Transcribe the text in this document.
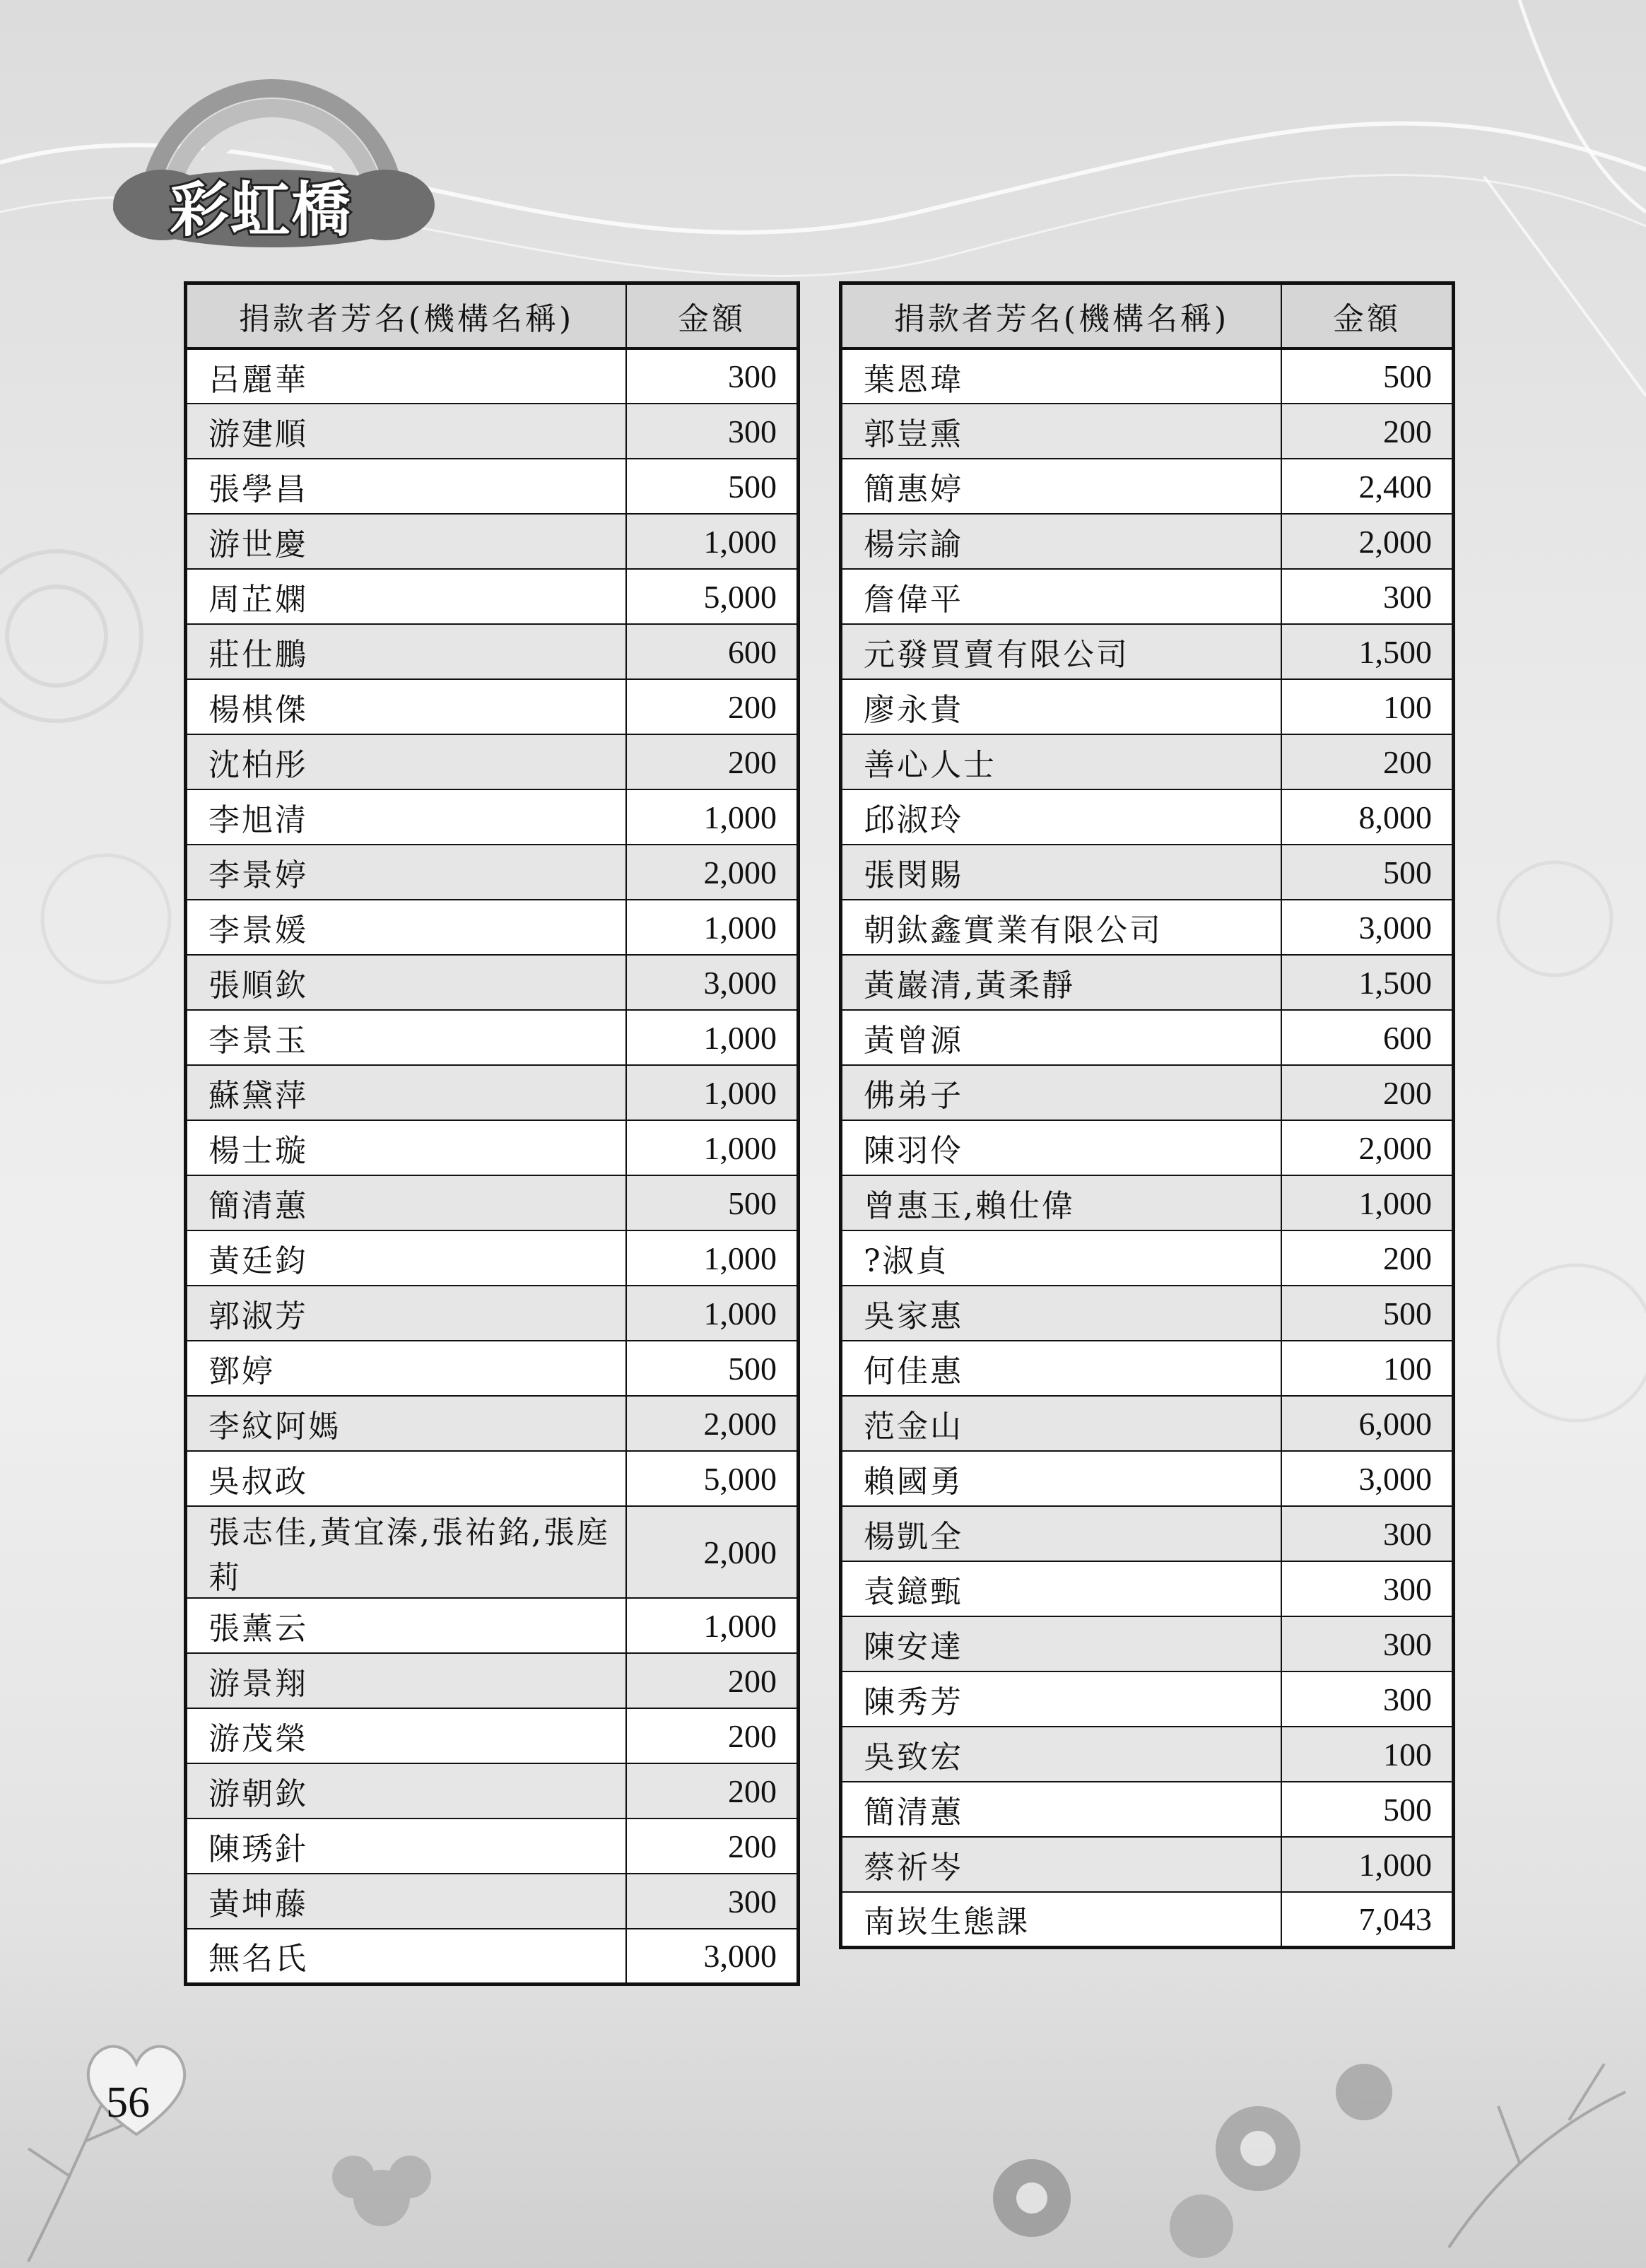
彩虹橋
捐款者芳名(機構名稱)	金額
呂麗華	300
游建順	300
張學昌	500
游世慶	1,000
周芷嫻	5,000
莊仕鵬	600
楊棋傑	200
沈柏彤	200
李旭清	1,000
李景婷	2,000
李景媛	1,000
張順欽	3,000
李景玉	1,000
蘇黛萍	1,000
楊士璇	1,000
簡清蕙	500
黃廷鈞	1,000
郭淑芳	1,000
鄧婷	500
李紋阿媽	2,000
吳叔政	5,000
張志佳,黃宜溱,張祐銘,張庭莉	2,000
張薰云	1,000
游景翔	200
游茂榮	200
游朝欽	200
陳琇針	200
黃坤藤	300
無名氏	3,000
捐款者芳名(機構名稱)	金額
葉恩瑋	500
郭豈熏	200
簡惠婷	2,400
楊宗諭	2,000
詹偉平	300
元發買賣有限公司	1,500
廖永貴	100
善心人士	200
邱淑玲	8,000
張閔賜	500
朝鈦鑫實業有限公司	3,000
黃巖清,黃柔靜	1,500
黃曾源	600
佛弟子	200
陳羽伶	2,000
曾惠玉,賴仕偉	1,000
?淑貞	200
吳家惠	500
何佳惠	100
范金山	6,000
賴國勇	3,000
楊凱全	300
袁鐿甄	300
陳安達	300
陳秀芳	300
吳致宏	100
簡清蕙	500
蔡祈岑	1,000
南崁生態課	7,043
56
